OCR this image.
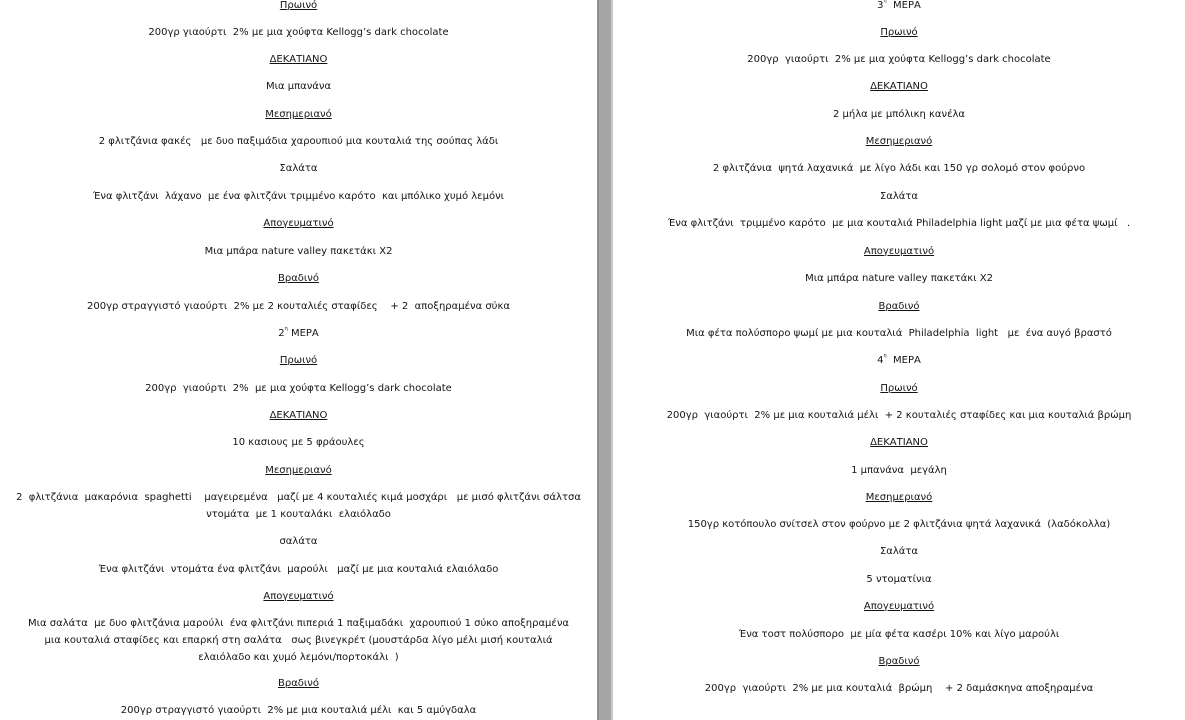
Πρωινό
200γρ γιαούρτι  2% με μια χούφτα Kellogg’s dark chocolate
ΔΕΚΑΤΙΑΝΟ
Μια μπανάνα
Μεσημεριανό
2 φλιτζάνια φακές   με δυο παξιμάδια χαρουπιού μια κουταλιά της σούπας λάδι
Σαλάτα
Ένα φλιτζάνι  λάχανο  με ένα φλιτζάνι τριμμένο καρότο  και μπόλικο χυμό λεμόνι
Απογευματινό
Μια μπάρα nature valley πακετάκι X2
Βραδινό
200γρ στραγγιστό γιαούρτι  2% με 2 κουταλιές σταφίδες    + 2  αποξηραμένα σύκα
$2^\eta$ ΜΕΡΑ
Πρωινό
200γρ  γιαούρτι  2%  με μια χούφτα Kellogg’s dark chocolate
ΔΕΚΑΤΙΑΝΟ
10 κασιους με 5 φράουλες
Μεσημεριανό
2  φλιτζάνια  μακαρόνια  spaghetti    μαγειρεμένα   μαζί με 4 κουταλιές κιμά μοσχάρι   με μισό φλιτζάνι σάλτσα
ντομάτα  με 1 κουταλάκι  ελαιόλαδο
σαλάτα
Ένα φλιτζάνι  ντομάτα ένα φλιτζάνι  μαρούλι   μαζί με μια κουταλιά ελαιόλαδο
Απογευματινό
Μια σαλάτα  με δυο φλιτζάνια μαρούλι  ένα φλιτζάνι πιπεριά 1 παξιμαδάκι  χαρουπιού 1 σύκο αποξηραμένα
μια κουταλιά σταφίδες και επαρκή στη σαλάτα   σως βινεγκρέτ (μουστάρδα λίγο μέλι μισή κουταλιά
ελαιόλαδο και χυμό λεμόνι/πορτοκάλι  )
Βραδινό
200γρ στραγγιστό γιαούρτι  2% με μια κουταλιά μέλι  και 5 αμύγδαλα
$3^\eta$  ΜΕΡΑ
Πρωινό
200γρ  γιαούρτι  2% με μια χούφτα Kellogg’s dark chocolate
ΔΕΚΑΤΙΑΝΟ
2 μήλα με μπόλικη κανέλα
Μεσημεριανό
2 φλιτζάνια  ψητά λαχανικά  με λίγο λάδι και 150 γρ σολομό στον φούρνο
Σαλάτα
Ένα φλιτζάνι  τριμμένο καρότο  με μια κουταλιά Philadelphia light μαζί με μια φέτα ψωμί   .
Απογευματινό
Μια μπάρα nature valley πακετάκι X2
Βραδινό
Μια φέτα πολύσπορο ψωμί με μια κουταλιά  Philadelphia  light   με  ένα αυγό βραστό
$4^\eta$  ΜΕΡΑ
Πρωινό
200γρ  γιαούρτι  2% με μια κουταλιά μέλι  + 2 κουταλιές σταφίδες και μια κουταλιά βρώμη
ΔΕΚΑΤΙΑΝΟ
1 μπανάνα  μεγάλη
Μεσημεριανό
150γρ κοτόπουλο σνίτσελ στον φούρνο με 2 φλιτζάνια ψητά λαχανικά  (λαδόκολλα)
Σαλάτα
5 ντοματίνια
Απογευματινό
Ένα τοστ πολύσπορο  με μία φέτα κασέρι 10% και λίγο μαρούλι
Βραδινό
200γρ  γιαούρτι  2% με μια κουταλιά  βρώμη    + 2 δαμάσκηνα αποξηραμένα
